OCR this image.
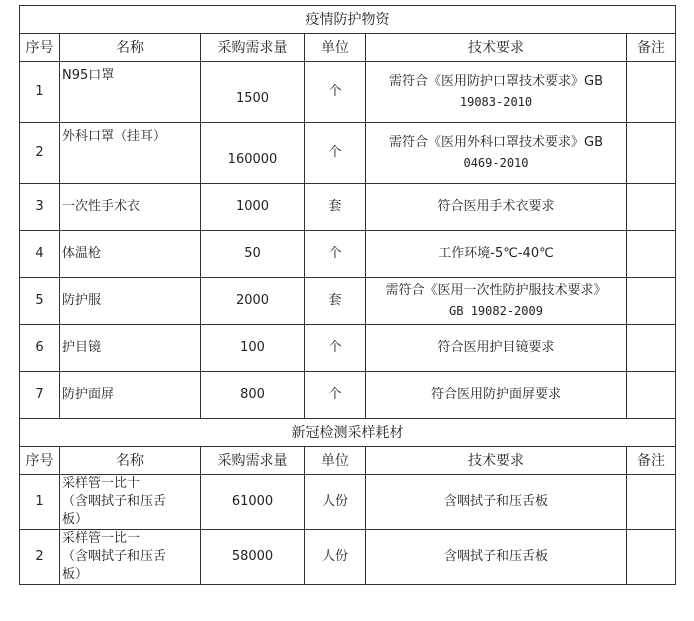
疫情防护物资					
序号	名称	采购需求量	单位	技术要求	备注
1	N95口罩	1500	个	需符合《医用防护口罩技术要求》GB
19083-2010	

2	外科口罩（挂耳）	160000	个	需符合《医用外科口罩技术要求》GB
0469-2010	

3	一次性手术衣	1000	套	符合医用手术衣要求	
4	体温枪	50	个	工作环境-5℃-40℃	
5	防护服	2000	套	需符合《医用一次性防护服技术要求》
GB 19082-2009	

6	护目镜	100	个	符合医用护目镜要求	
7	防护面屏	800	个	符合医用防护面屏要求	
新冠检测采样耗材					
序号	名称	采购需求量	单位	技术要求	备注
1	采样管一比十
（含咽拭子和压舌
板）	61000	人份	含咽拭子和压舌板	
2	采样管一比一
（含咽拭子和压舌
板）	58000	人份	含咽拭子和压舌板	
